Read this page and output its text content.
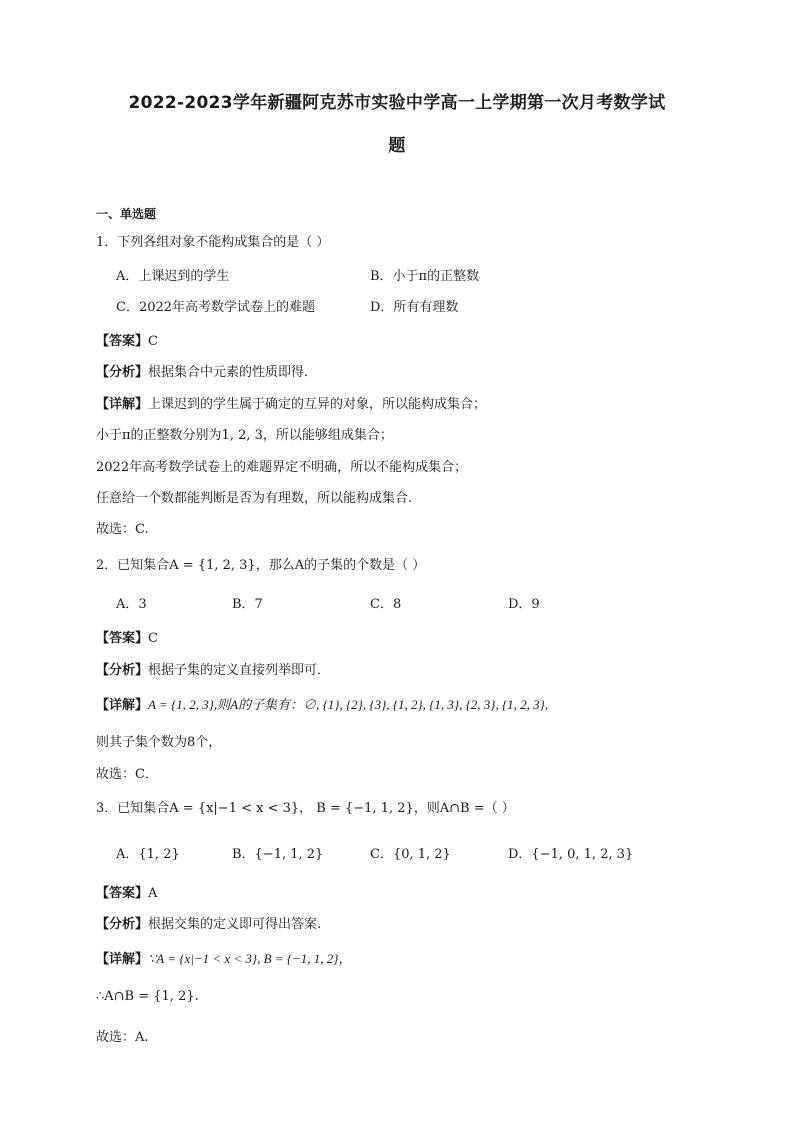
2022-2023学年新疆阿克苏市实验中学高一上学期第一次月考数学试
题
一、单选题
1．下列各组对象不能构成集合的是（ ）
A．上课迟到的学生	B．小于π的正整数
C．2022年高考数学试卷上的难题	D．所有有理数
【答案】C
【分析】根据集合中元素的性质即得．
【详解】上课迟到的学生属于确定的互异的对象，所以能构成集合；
小于π的正整数分别为1, 2, 3，所以能够组成集合；
2022年高考数学试卷上的难题界定不明确，所以不能构成集合；
任意给一个数都能判断是否为有理数，所以能构成集合.
故选：C.
2．已知集合A = {1, 2, 3}，那么A的子集的个数是（ ）
A．3	B．7	C．8	D．9
【答案】C
【分析】根据子集的定义直接列举即可．
【详解】A = {1, 2, 3},则A的子集有：∅, {1}, {2}, {3}, {1, 2}, {1, 3}, {2, 3}, {1, 2, 3},
则其子集个数为8个，
故选：C．
3．已知集合A = {x|−1 < x < 3}， B = {−1, 1, 2}，则A∩B =（ ）
A．{1, 2}	B．{−1, 1, 2}	C．{0, 1, 2}	D．{−1, 0, 1, 2, 3}
【答案】A
【分析】根据交集的定义即可得出答案.
【详解】∵A = {x|−1 < x < 3}, B = {−1, 1, 2}，
∴A∩B = {1, 2}.
故选：A.
